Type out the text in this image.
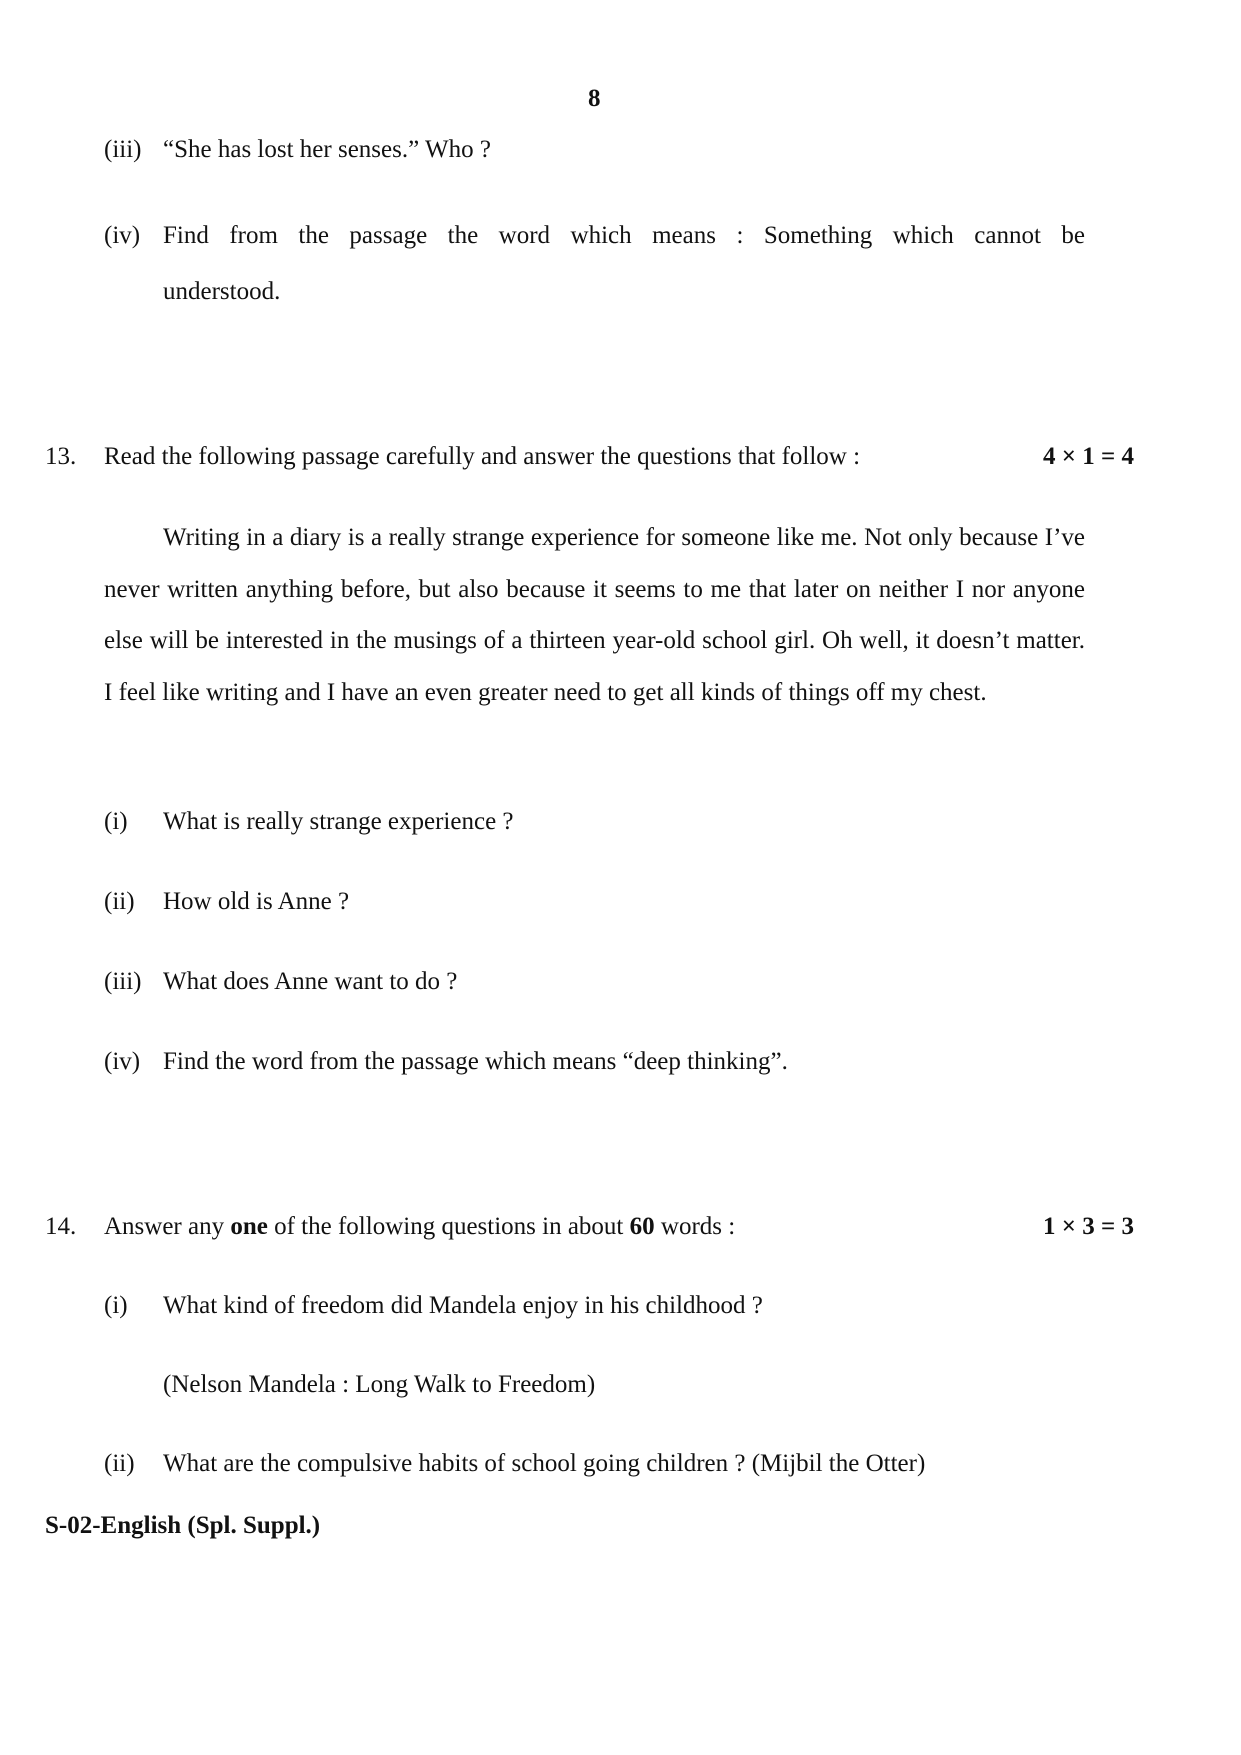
8
(iii) “She has lost her senses.” Who ?
(iv) Find from the passage the word which means : Something which cannot be
understood.
13. Read the following passage carefully and answer the questions that follow :	4 × 1 = 4
Writing in a diary is a really strange experience for someone like me. Not only because I’ve never written anything before, but also because it seems to me that later on neither I nor anyone else will be interested in the musings of a thirteen year-old school girl. Oh well, it doesn’t matter. I feel like writing and I have an even greater need to get all kinds of things off my chest.
(i) What is really strange experience ?
(ii) How old is Anne ?
(iii) What does Anne want to do ?
(iv) Find the word from the passage which means “deep thinking”.
14. Answer any one of the following questions in about 60 words :	1 × 3 = 3
(i) What kind of freedom did Mandela enjoy in his childhood ?
(Nelson Mandela : Long Walk to Freedom)
(ii) What are the compulsive habits of school going children ? (Mijbil the Otter)
S-02-English (Spl. Suppl.)
